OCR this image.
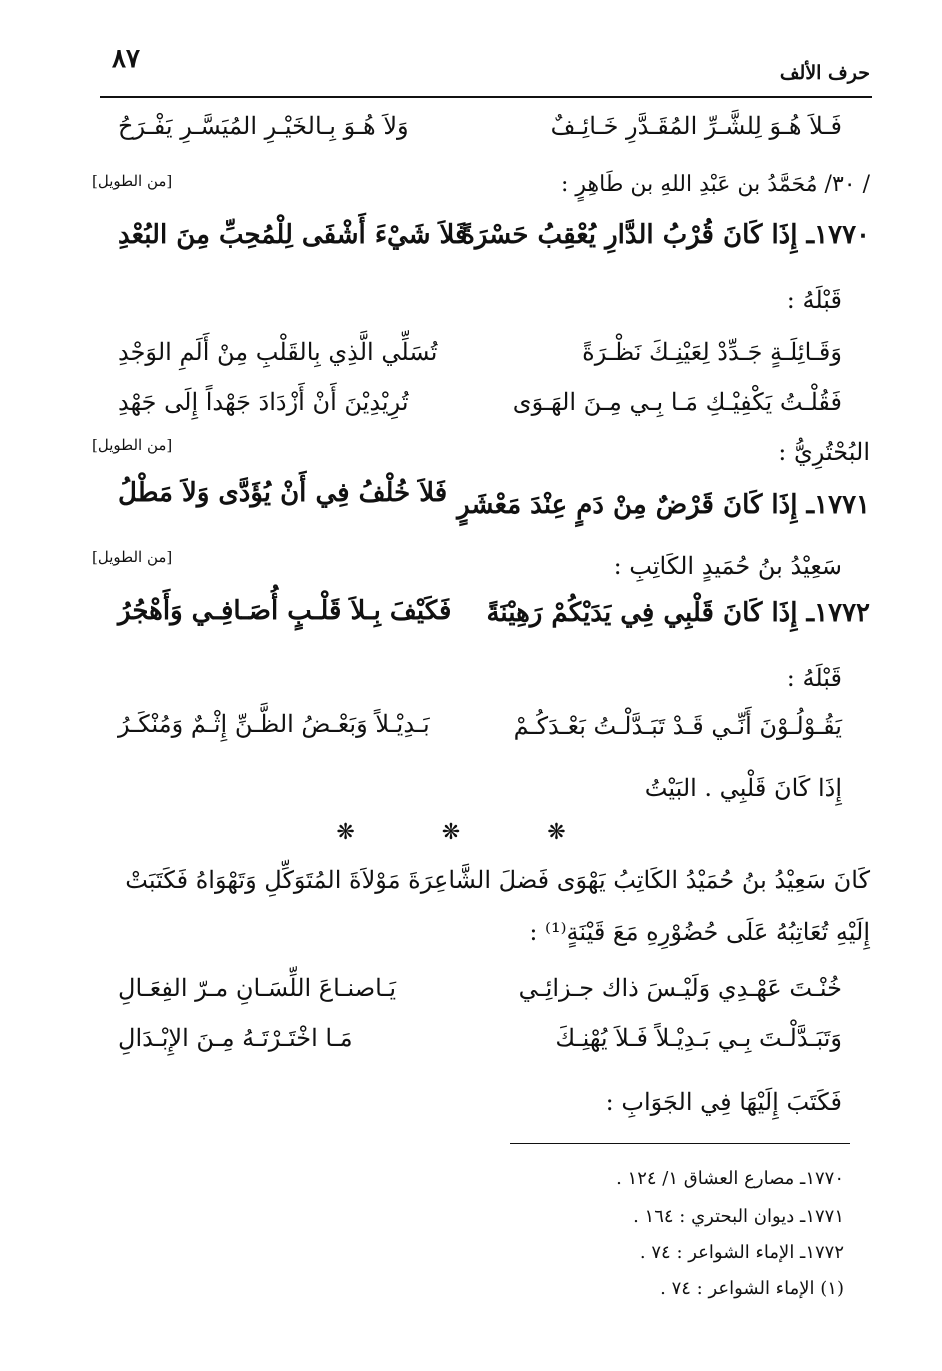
٨٧	حرف الألف
فَـلاَ هُـوَ لِلشَّـرِّ المُقَـدَّرِ خَـائِـفٌ
وَلاَ هُـوَ بِـالخَيْـرِ المُيَسَّـرِ يَفْـرَحُ
/ ٣٠/ مُحَمَّدُ بن عَبْدِ اللهِ بن طَاهِرٍ :
[من الطويل]
١٧٧٠ـ إِذَا كَانَ قُرْبُ الدَّارِ يُعْقِبُ حَسْرَةً
فَلاَ شَيْءَ أَشْفَى لِلْمُحِبِّ مِنَ البُعْدِ
قَبْلَهُ :
وَقَـائِلَـةٍ جَـدِّدْ لِعَيْنِـكَ نَظْـرَةً
تُسَلِّي الَّذِي بِالقَلْبِ مِنْ أَلَمِ الوَجْدِ
فَقُلْـتُ يَكْفِيْـكِ مَـا بِـي مِـنَ الهَـوَى
تُرِيْدِيْنَ أَنْ أَزْدَادَ جَهْداً إِلَى جَهْدِ
البُحْتُرِيُّ :
[من الطويل]
١٧٧١ـ إِذَا كَانَ قَرْضٌ مِنْ دَمٍ عِنْدَ مَعْشَرٍ
فَلاَ خُلْفُ فِي أَنْ يُؤَدَّى وَلاَ مَطْلُ
سَعِيْدُ بنُ حُمَيدٍ الكَاتِبِ :
[من الطويل]
١٧٧٢ـ إِذَا كَانَ قَلْبِي فِي يَدَيْكُمْ رَهِيْنَةً
فَكَيْفَ بِـلاَ قَلْـبٍ أُصَـافِـي وَأَهْجُرُ
قَبْلَهُ :
يَقُـوْلُـوْنَ أَنِّـي قَـدْ تَبَـدَّلْـتُ بَعْـدَكُـمْ
بَـدِيْـلاً وَبَعْـضُ الظَّـنِّ إِثْـمٌ وَمُنْكَـرُ
إِذَا كَانَ قَلْبِي . البَيْتُ
❋ ❋ ❋
كَانَ سَعِيْدُ بنُ حُمَيْدُ الكَاتِبُ يَهْوَى فَضلَ الشَّاعِرَةَ مَوْلاَةَ المُتَوَكِّلِ وَتَهْوَاهُ فَكَتَبَتْ
إِلَيْهِ تُعَاتِبُهُ عَلَى حُضُوْرِهِ مَعَ قَيْنَةٍ⁽¹⁾ :
خُنْـتَ عَهْـدِي وَلَيْـسَ ذاك جـزائِـي
يَـاصنـاعَ اللِّسَـانِ مـرّ الفِعَـالِ
وَتَبَـدَّلْـتَ بِـي بَـدِيْـلاً فَـلاَ يُهْنِـكَ
مَـا اخْتَـرْتَـهُ مِـنَ الإِبْـدَالِ
فَكَتَبَ إِلَيْهَا فِي الجَوَابِ :
١٧٧٠ـ مصارع العشاق ١/ ١٢٤ .
١٧٧١ـ ديوان البحتري : ١٦٤ .
١٧٧٢ـ الإماء الشواعر : ٧٤ .
(١) الإماء الشواعر : ٧٤ .
